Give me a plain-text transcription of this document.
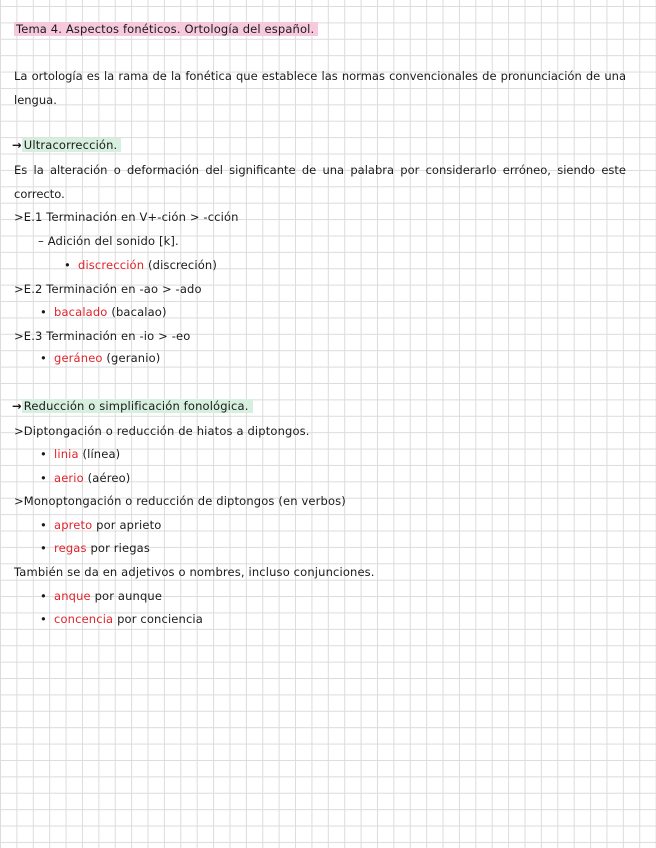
Tema 4. Aspectos fonéticos. Ortología del español.
La ortología es la rama de la fonética que establece las normas convencionales de pronunciación de una lengua.
→ Ultracorrección.
Es la alteración o deformación del significante de una palabra por considerarlo erróneo, siendo este correcto.
>E.1 Terminación en V+-ción > -cción
– Adición del sonido [k].
• discrección (discreción)
>E.2 Terminación en -ao > -ado
• bacalado (bacalao)
>E.3 Terminación en -io > -eo
• geráneo (geranio)
→ Reducción o simplificación fonológica.
>Diptongación o reducción de hiatos a diptongos.
• linia (línea)
• aerio (aéreo)
>Monoptongación o reducción de diptongos (en verbos)
• apreto por aprieto
• regas por riegas
También se da en adjetivos o nombres, incluso conjunciones.
• anque por aunque
• concencia por conciencia
